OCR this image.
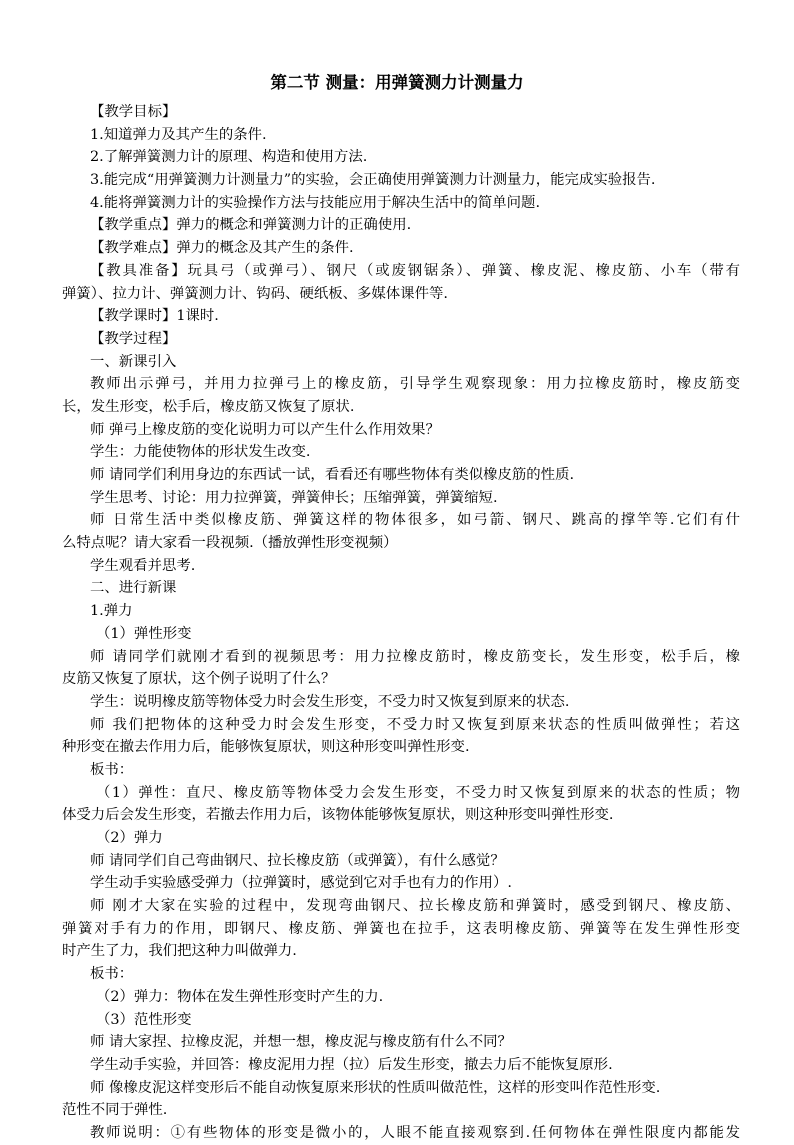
第二节 测量：用弹簧测力计测量力
【教学目标】
1.知道弹力及其产生的条件.
2.了解弹簧测力计的原理、构造和使用方法.
3.能完成“用弹簧测力计测量力”的实验，会正确使用弹簧测力计测量力，能完成实验报告.
4.能将弹簧测力计的实验操作方法与技能应用于解决生活中的简单问题.
【教学重点】弹力的概念和弹簧测力计的正确使用.
【教学难点】弹力的概念及其产生的条件.
【教具准备】玩具弓（或弹弓）、钢尺（或废钢锯条）、弹簧、橡皮泥、橡皮筋、小车（带有
弹簧）、拉力计、弹簧测力计、钩码、硬纸板、多媒体课件等.
【教学课时】1课时.
【教学过程】
一、新课引入
教师出示弹弓，并用力拉弹弓上的橡皮筋，引导学生观察现象：用力拉橡皮筋时，橡皮筋变
长，发生形变，松手后，橡皮筋又恢复了原状.
师 弹弓上橡皮筋的变化说明力可以产生什么作用效果？
学生：力能使物体的形状发生改变.
师 请同学们利用身边的东西试一试，看看还有哪些物体有类似橡皮筋的性质.
学生思考、讨论：用力拉弹簧，弹簧伸长；压缩弹簧，弹簧缩短.
师 日常生活中类似橡皮筋、弹簧这样的物体很多，如弓箭、钢尺、跳高的撑竿等.它们有什
么特点呢？请大家看一段视频.（播放弹性形变视频）
学生观看并思考.
二、进行新课
1.弹力
（1）弹性形变
师 请同学们就刚才看到的视频思考：用力拉橡皮筋时，橡皮筋变长，发生形变，松手后，橡
皮筋又恢复了原状，这个例子说明了什么？
学生：说明橡皮筋等物体受力时会发生形变，不受力时又恢复到原来的状态.
师 我们把物体的这种受力时会发生形变，不受力时又恢复到原来状态的性质叫做弹性；若这
种形变在撤去作用力后，能够恢复原状，则这种形变叫弹性形变.
板书：
（1）弹性：直尺、橡皮筋等物体受力会发生形变，不受力时又恢复到原来的状态的性质；物
体受力后会发生形变，若撤去作用力后，该物体能够恢复原状，则这种形变叫弹性形变.
（2）弹力
师 请同学们自己弯曲钢尺、拉长橡皮筋（或弹簧），有什么感觉？
学生动手实验感受弹力（拉弹簧时，感觉到它对手也有力的作用）.
师 刚才大家在实验的过程中，发现弯曲钢尺、拉长橡皮筋和弹簧时，感受到钢尺、橡皮筋、
弹簧对手有力的作用，即钢尺、橡皮筋、弹簧也在拉手，这表明橡皮筋、弹簧等在发生弹性形变
时产生了力，我们把这种力叫做弹力.
板书：
（2）弹力：物体在发生弹性形变时产生的力.
（3）范性形变
师 请大家捏、拉橡皮泥，并想一想，橡皮泥与橡皮筋有什么不同？
学生动手实验，并回答：橡皮泥用力捏（拉）后发生形变，撤去力后不能恢复原形.
师 像橡皮泥这样变形后不能自动恢复原来形状的性质叫做范性，这样的形变叫作范性形变.
范性不同于弹性.
教师说明：①有些物体的形变是微小的，人眼不能直接观察到.任何物体在弹性限度内都能发
